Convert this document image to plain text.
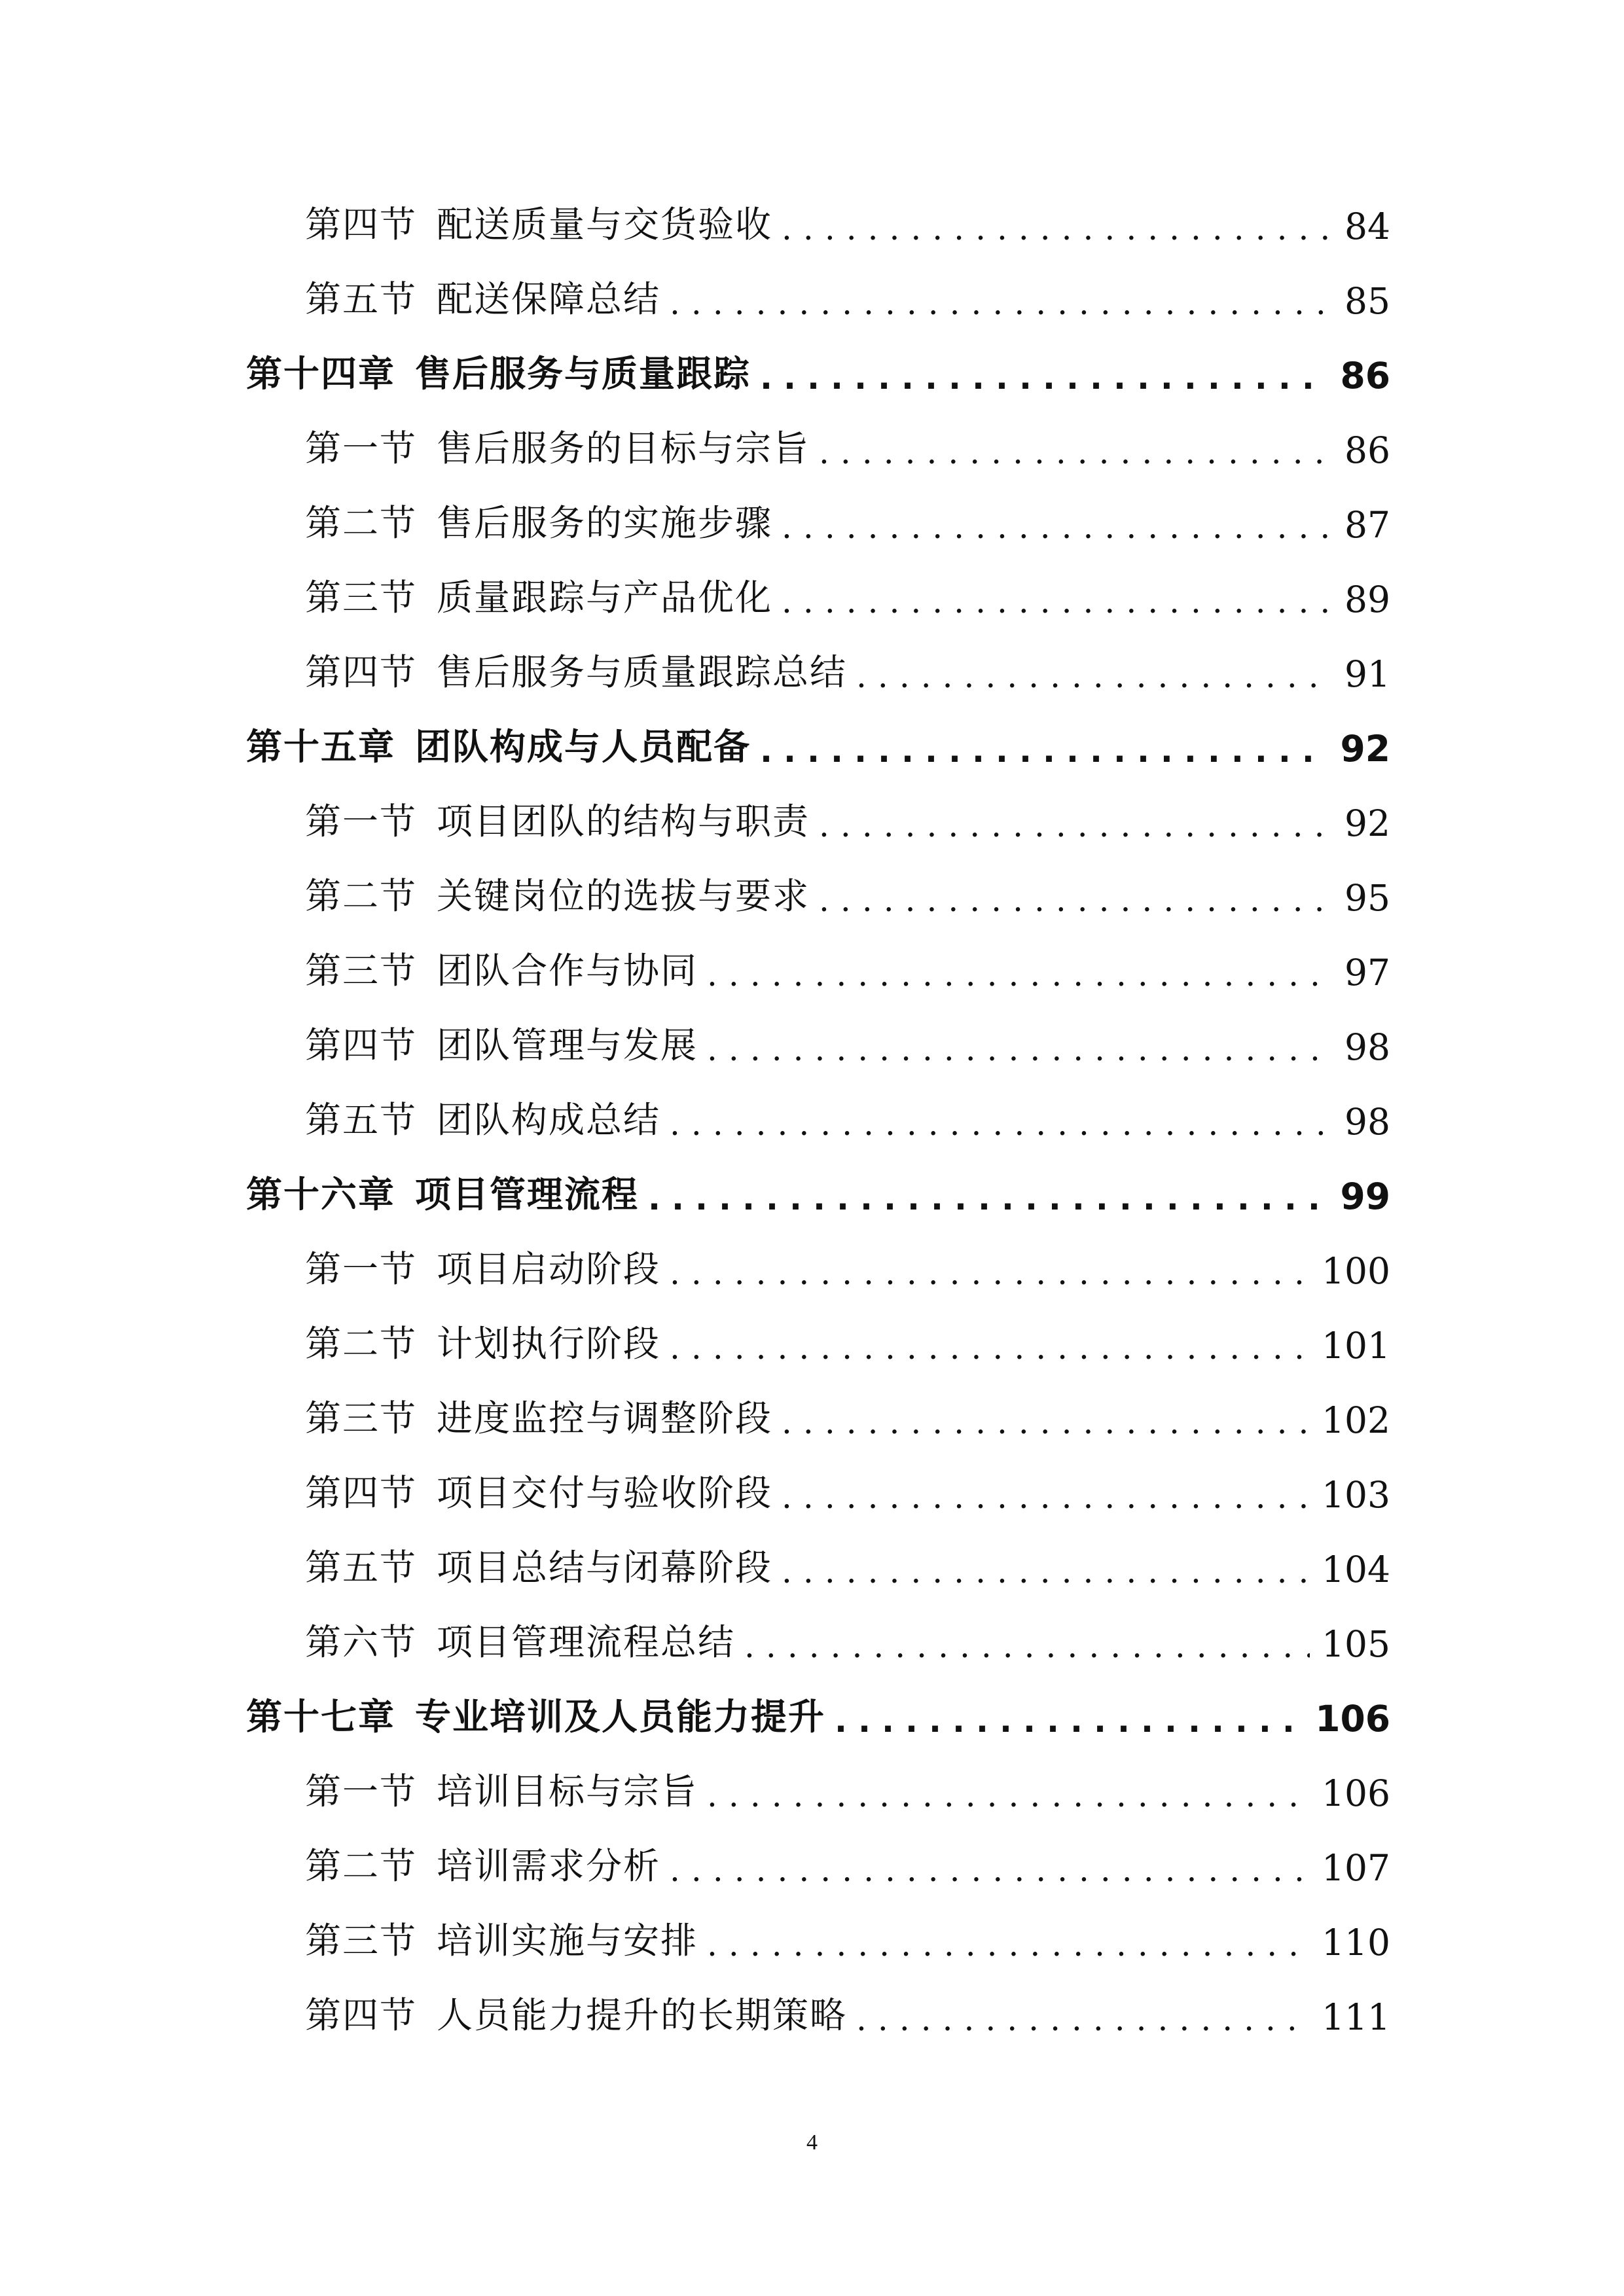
第四节 配送质量与交货验收 .....	84
第五节 配送保障总结 .....	85
第十四章 售后服务与质量跟踪 .....	86
第一节 售后服务的目标与宗旨 .....	86
第二节 售后服务的实施步骤 .....	87
第三节 质量跟踪与产品优化 .....	89
第四节 售后服务与质量跟踪总结 .....	91
第十五章 团队构成与人员配备 .....	92
第一节 项目团队的结构与职责 .....	92
第二节 关键岗位的选拔与要求 .....	95
第三节 团队合作与协同 .....	97
第四节 团队管理与发展 .....	98
第五节 团队构成总结 .....	98
第十六章 项目管理流程 .....	99
第一节 项目启动阶段 .....	100
第二节 计划执行阶段 .....	101
第三节 进度监控与调整阶段 .....	102
第四节 项目交付与验收阶段 .....	103
第五节 项目总结与闭幕阶段 .....	104
第六节 项目管理流程总结 .....	105
第十七章 专业培训及人员能力提升 .....	106
第一节 培训目标与宗旨 .....	106
第二节 培训需求分析 .....	107
第三节 培训实施与安排 .....	110
第四节 人员能力提升的长期策略 .....	111
4
